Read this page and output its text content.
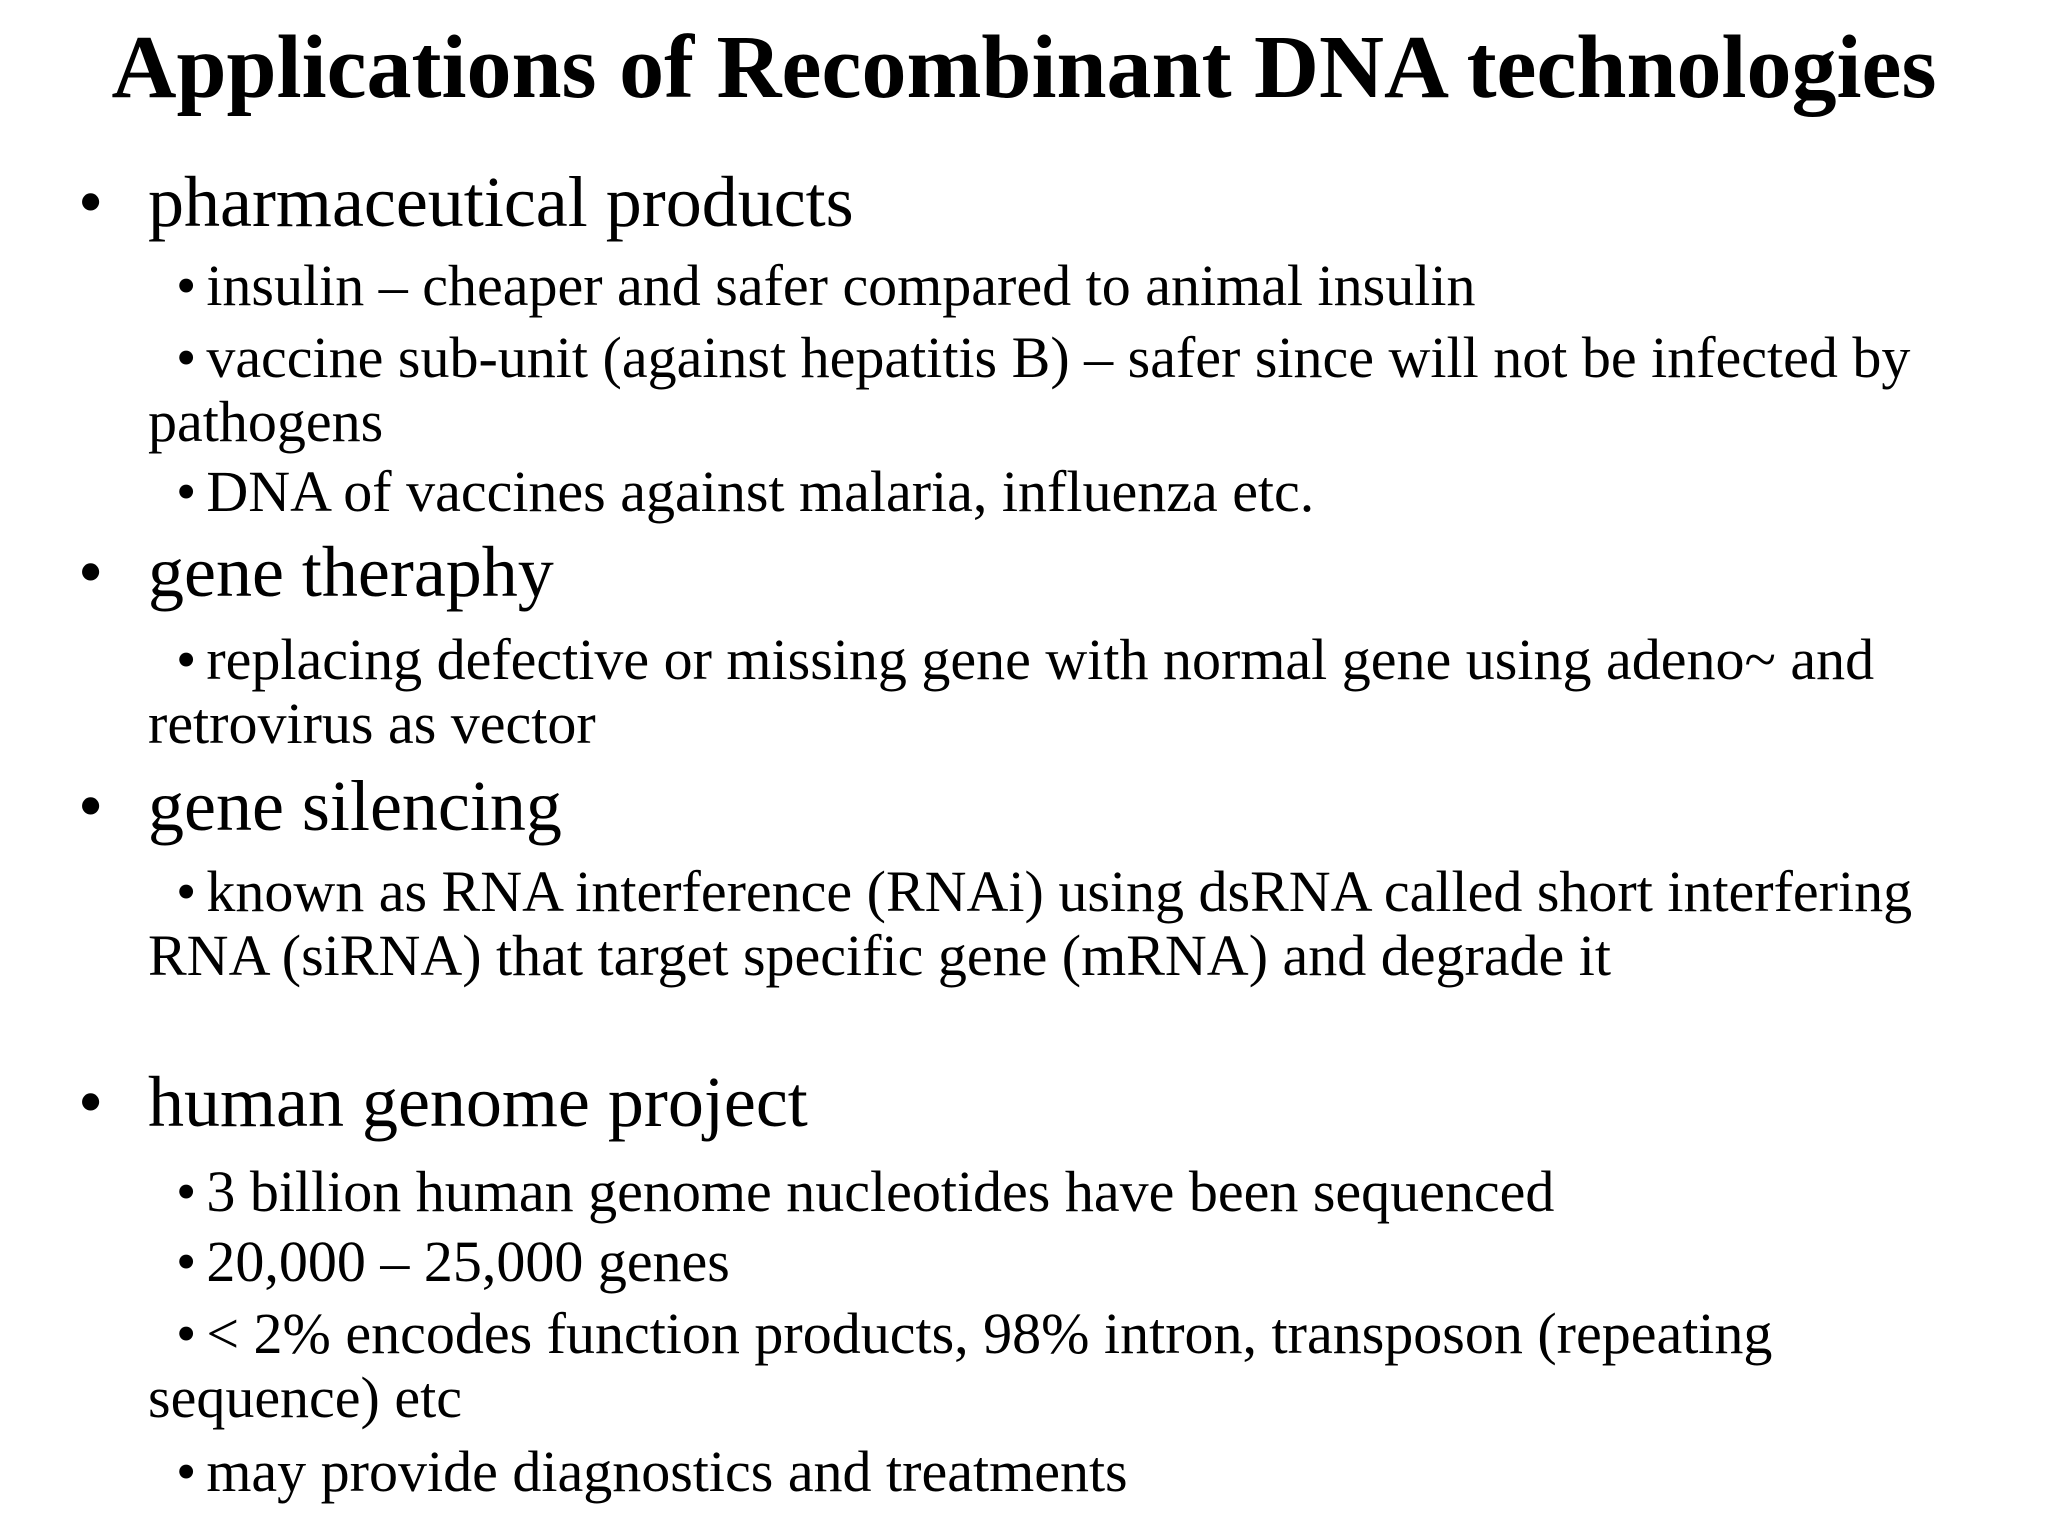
Applications of Recombinant DNA technologies
• pharmaceutical products
• insulin – cheaper and safer compared to animal insulin
• vaccine sub-unit (against hepatitis B) – safer since will not be infected by pathogens
• DNA of vaccines against malaria, influenza etc.
• gene theraphy
• replacing defective or missing gene with normal gene using adeno~ and retrovirus as vector
• gene silencing
• known as RNA interference (RNAi) using dsRNA called short interfering RNA (siRNA) that target specific gene (mRNA) and degrade it
• human genome project
• 3 billion human genome nucleotides have been sequenced
• 20,000 – 25,000 genes
• < 2% encodes function products, 98% intron, transposon (repeating sequence) etc
• may provide diagnostics and treatments
